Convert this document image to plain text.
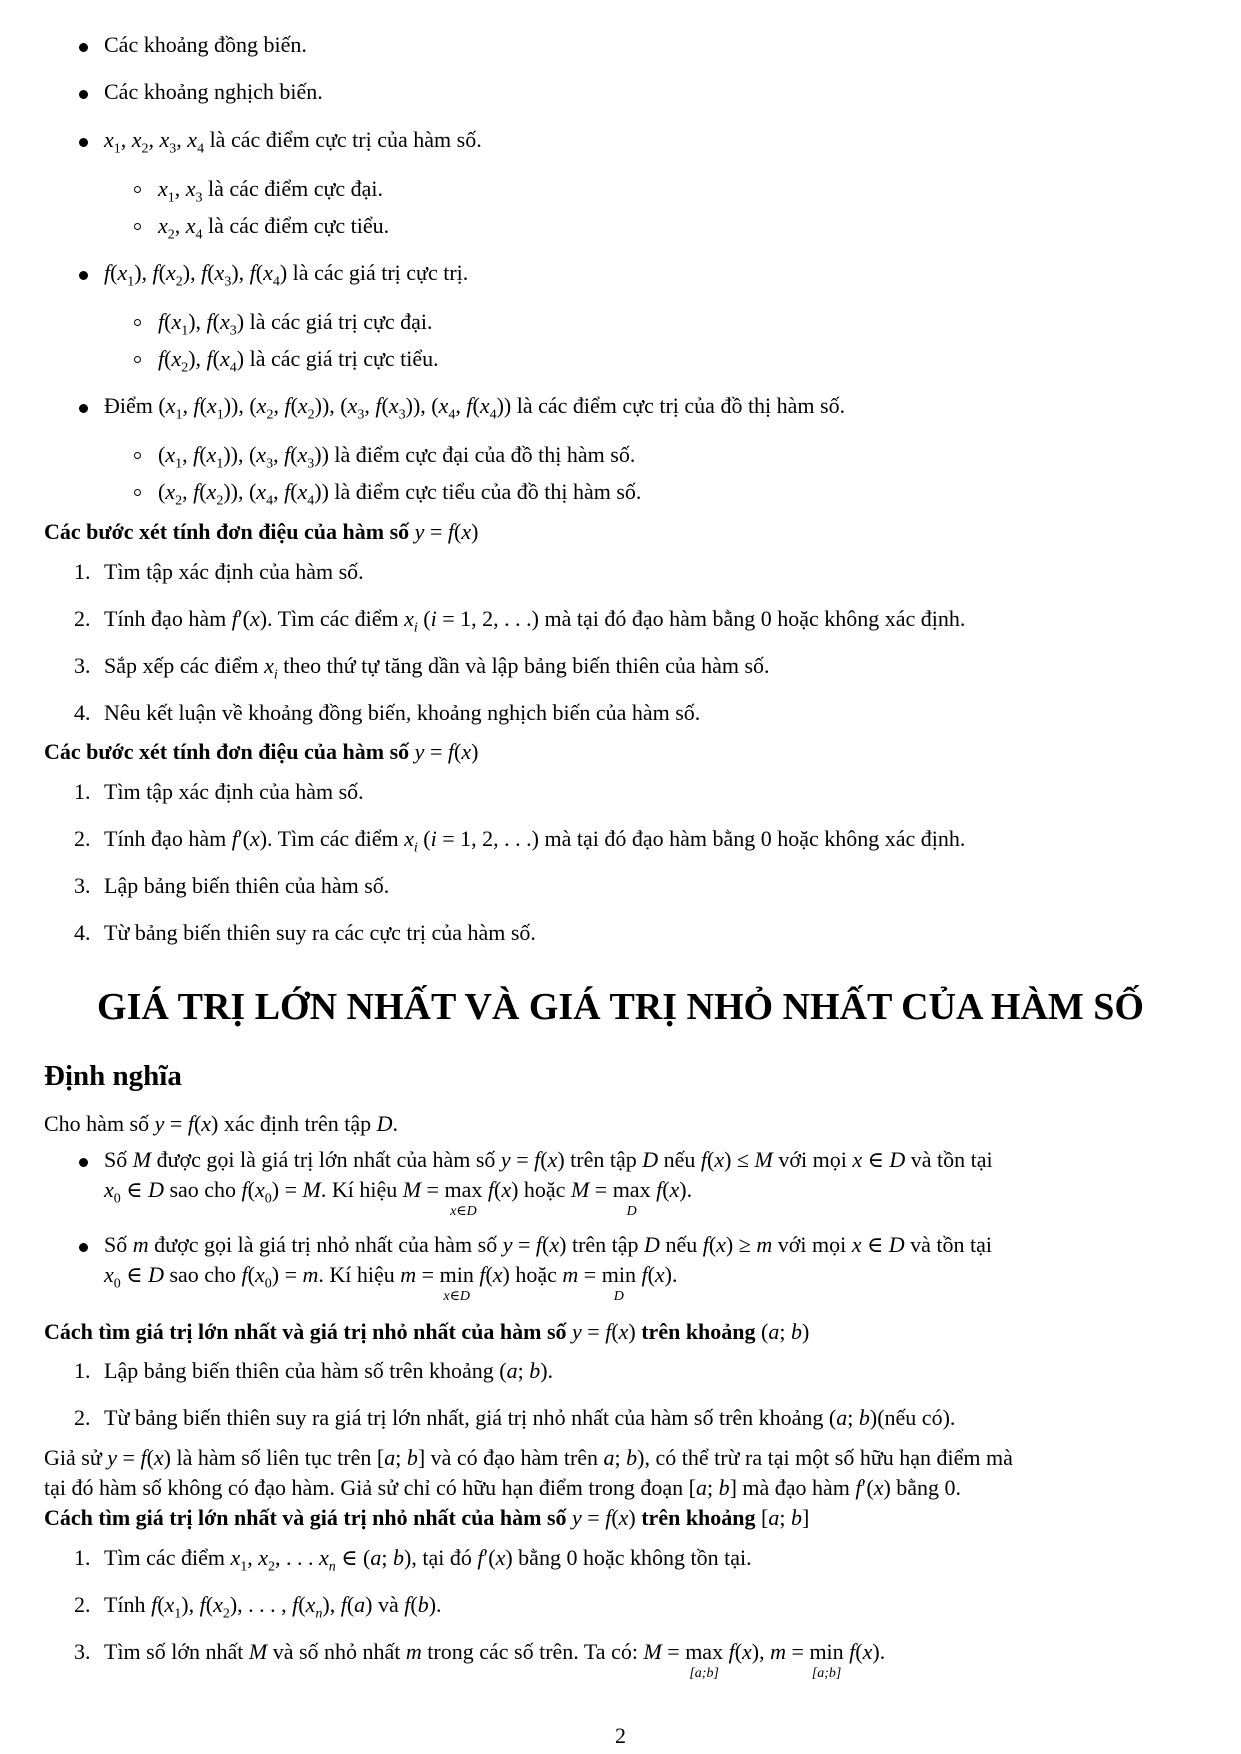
Các khoảng đồng biến.
Các khoảng nghịch biến.
$x_1$, $x_2$, $x_3$, $x_4$ là các điểm cực trị của hàm số.
$x_1$, $x_3$ là các điểm cực đại.
$x_2$, $x_4$ là các điểm cực tiểu.
$f(x_1)$, $f(x_2)$, $f(x_3)$, $f(x_4)$ là các giá trị cực trị.
$f(x_1)$, $f(x_3)$ là các giá trị cực đại.
$f(x_2)$, $f(x_4)$ là các giá trị cực tiểu.
Điểm ($x_1$, $f(x_1)$), ($x_2$, $f(x_2)$), ($x_3$, $f(x_3)$), ($x_4$, $f(x_4)$) là các điểm cực trị của đồ thị hàm số.
($x_1$, $f(x_1)$), ($x_3$, $f(x_3)$) là điểm cực đại của đồ thị hàm số.
($x_2$, $f(x_2)$), ($x_4$, $f(x_4)$) là điểm cực tiểu của đồ thị hàm số.
Các bước xét tính đơn điệu của hàm số y = f(x)
1. Tìm tập xác định của hàm số.
2. Tính đạo hàm f′(x). Tìm các điểm $x_i$ (i = 1, 2, . . .) mà tại đó đạo hàm bằng 0 hoặc không xác định.
3. Sắp xếp các điểm $x_i$ theo thứ tự tăng dần và lập bảng biến thiên của hàm số.
4. Nêu kết luận về khoảng đồng biến, khoảng nghịch biến của hàm số.
Các bước xét tính đơn điệu của hàm số y = f(x)
1. Tìm tập xác định của hàm số.
2. Tính đạo hàm f′(x). Tìm các điểm $x_i$ (i = 1, 2, . . .) mà tại đó đạo hàm bằng 0 hoặc không xác định.
3. Lập bảng biến thiên của hàm số.
4. Từ bảng biến thiên suy ra các cực trị của hàm số.
GIÁ TRỊ LỚN NHẤT VÀ GIÁ TRỊ NHỎ NHẤT CỦA HÀM SỐ
Định nghĩa
Cho hàm số y = f(x) xác định trên tập D.
Số M được gọi là giá trị lớn nhất của hàm số y = f(x) trên tập D nếu f(x) ≤ M với mọi x ∈ D và tồn tại
$x_0$ ∈ D sao cho $f(x_0) = M$. Kí hiệu M = max
x∈D
f(x) hoặc M = max
D
f(x).
Số m được gọi là giá trị nhỏ nhất của hàm số y = f(x) trên tập D nếu f(x) ≥ m với mọi x ∈ D và tồn tại
$x_0$ ∈ D sao cho $f(x_0) = m$. Kí hiệu m = min
x∈D
f(x) hoặc m = min
D
f(x).
Cách tìm giá trị lớn nhất và giá trị nhỏ nhất của hàm số y = f(x) trên khoảng (a; b)
1. Lập bảng biến thiên của hàm số trên khoảng (a; b).
2. Từ bảng biến thiên suy ra giá trị lớn nhất, giá trị nhỏ nhất của hàm số trên khoảng (a; b)(nếu có).
Giả sử y = f(x) là hàm số liên tục trên [a; b] và có đạo hàm trên a; b), có thể trừ ra tại một số hữu hạn điểm mà
tại đó hàm số không có đạo hàm. Giả sử chỉ có hữu hạn điểm trong đoạn [a; b] mà đạo hàm f′(x) bằng 0.
Cách tìm giá trị lớn nhất và giá trị nhỏ nhất của hàm số y = f(x) trên khoảng [a; b]
1. Tìm các điểm $x_1$, $x_2$, . . . $x_n$ ∈ (a; b), tại đó f′(x) bằng 0 hoặc không tồn tại.
2. Tính $f(x_1)$, $f(x_2)$, . . . , $f(x_n)$, f(a) và f(b).
3. Tìm số lớn nhất M và số nhỏ nhất m trong các số trên. Ta có: M = max
[a;b]
f(x), m = min
[a;b]
f(x).
2
